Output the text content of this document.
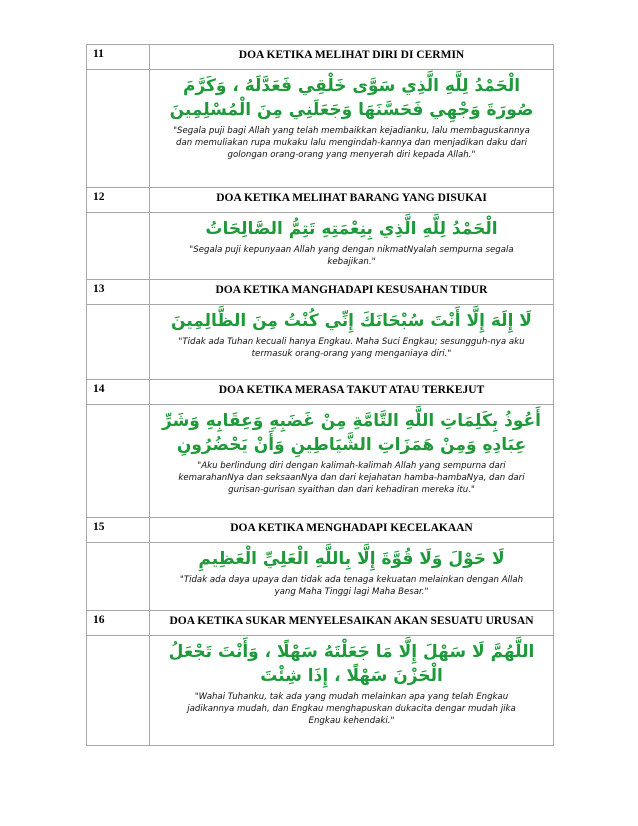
11	DOA KETIKA MELIHAT DIRI DI CERMIN

	الْحَمْدُ لِلَّهِ الَّذِي سَوَّى خَلْقِي فَعَدَّلَهُ ، وَكَرَّمَ صُورَةَ وَجْهِي فَحَسَّنَهَا وَجَعَلَنِي مِنَ الْمُسْلِمِينَ
"Segala puji bagi Allah yang telah membaikkan kejadianku, lalu membaguskannya dan memuliakan rupa mukaku lalu mengindah-kannya dan menjadikan daku dari golongan orang-orang yang menyerah diri kepada Allah."

12	DOA KETIKA MELIHAT BARANG YANG DISUKAI

	الْحَمْدُ لِلَّهِ الَّذِي بِنِعْمَتِهِ تَتِمُّ الصَّالِحَاتُ
"Segala puji kepunyaan Allah yang dengan nikmatNyalah sempurna segala kebajikan."

13	DOA KETIKA MANGHADAPI KESUSAHAN TIDUR

	لَا إِلَهَ إِلَّا أَنْتَ سُبْحَانَكَ إِنِّي كُنْتُ مِنَ الظَّالِمِينَ
"Tidak ada Tuhan kecuali hanya Engkau. Maha Suci Engkau; sesungguh-nya aku termasuk orang-orang yang menganiaya diri."

14	DOA KETIKA MERASA TAKUT ATAU TERKEJUT

	أَعُوذُ بِكَلِمَاتِ اللَّهِ التَّامَّةِ مِنْ غَضَبِهِ وَعِقَابِهِ وَشَرِّ عِبَادِهِ وَمِنْ هَمَزَاتِ الشَّيَاطِينِ وَأَنْ يَحْضُرُونِ
"Aku berlindung diri dengan kalimah-kalimah Allah yang sempurna dari kemarahanNya dan seksaanNya dan dari kejahatan hamba-hambaNya, dan dari gurisan-gurisan syaithan dan dari kehadiran mereka itu."

15	DOA KETIKA MENGHADAPI KECELAKAAN

	لَا حَوْلَ وَلَا قُوَّةَ إِلَّا بِاللَّهِ الْعَلِيِّ الْعَظِيمِ
"Tidak ada daya upaya dan tidak ada tenaga kekuatan melainkan dengan Allah yang Maha Tinggi lagi Maha Besar."

16	DOA KETIKA SUKAR MENYELESAIKAN AKAN SESUATU URUSAN

	اللَّهُمَّ لَا سَهْلَ إِلَّا مَا جَعَلْتَهُ سَهْلًا ، وَأَنْتَ تَجْعَلُ الْحَزْنَ سَهْلًا ، إِذَا شِئْتَ
"Wahai Tuhanku, tak ada yang mudah melainkan apa yang telah Engkau jadikannya mudah, dan Engkau menghapuskan dukacita dengar mudah jika Engkau kehendaki."
